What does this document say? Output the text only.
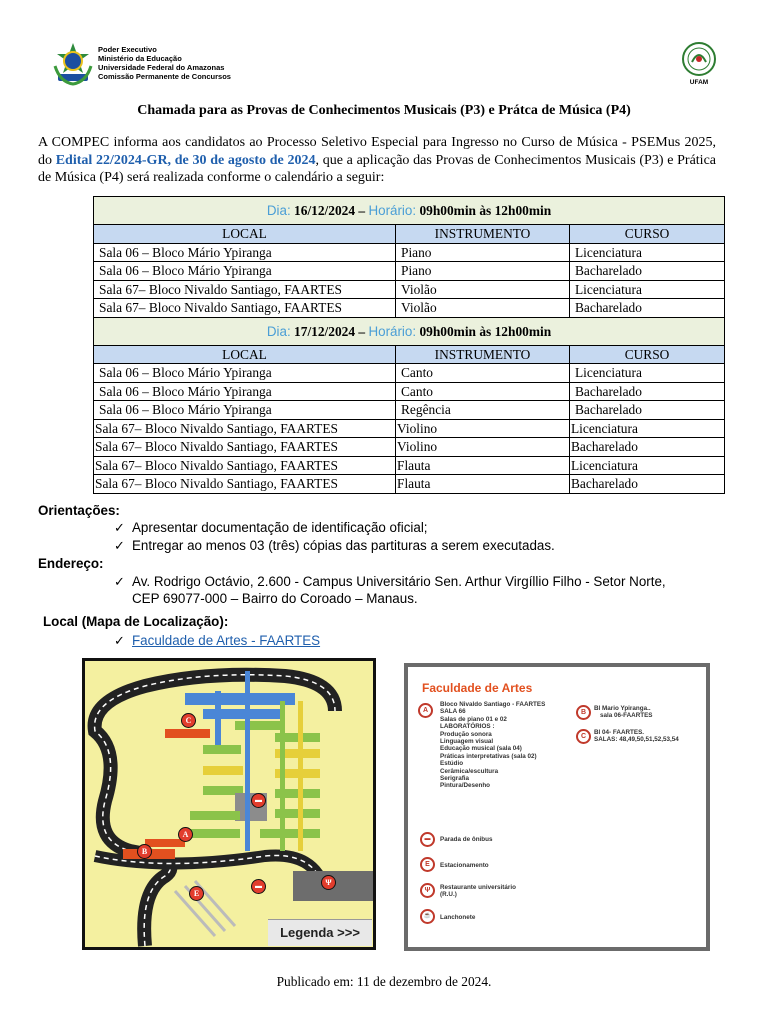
Poder Executivo
Ministério da Educação
Universidade Federal do Amazonas
Comissão Permanente de Concursos
UFAM
Chamada para as Provas de Conhecimentos Musicais (P3) e Prátca de Música (P4)
A COMPEC informa aos candidatos ao Processo Seletivo Especial para Ingresso no Curso de Música - PSEMus 2025, do Edital 22/2024-GR, de 30 de agosto de 2024, que a aplicação das Provas de Conhecimentos Musicais (P3) e Prática de Música (P4) será realizada conforme o calendário a seguir:
Dia: 16/12/2024 – Horário: 09h00min às 12h00min		
LOCAL	INSTRUMENTO	CURSO
Sala 06 – Bloco Mário Ypiranga	Piano	Licenciatura
Sala 06 – Bloco Mário Ypiranga	Piano	Bacharelado
Sala 67– Bloco Nivaldo Santiago, FAARTES	Violão	Licenciatura
Sala 67– Bloco Nivaldo Santiago, FAARTES	Violão	Bacharelado
Dia: 17/12/2024 – Horário: 09h00min às 12h00min		
LOCAL	INSTRUMENTO	CURSO
Sala 06 – Bloco Mário Ypiranga	Canto	Licenciatura
Sala 06 – Bloco Mário Ypiranga	Canto	Bacharelado
Sala 06 – Bloco Mário Ypiranga	Regência	Bacharelado
Sala 67– Bloco Nivaldo Santiago, FAARTES	Violino	Licenciatura
Sala 67– Bloco Nivaldo Santiago, FAARTES	Violino	Bacharelado
Sala 67– Bloco Nivaldo Santiago, FAARTES	Flauta	Licenciatura
Sala 67– Bloco Nivaldo Santiago, FAARTES	Flauta	Bacharelado
Orientações:
✓ Apresentar documentação de identificação oficial;
✓ Entregar ao menos 03 (três) cópias das partituras a serem executadas.
Endereço:
✓ Av. Rodrigo Octávio, 2.600 - Campus Universitário Sen. Arthur Virgíllio Filho - Setor Norte,
CEP 69077-000 – Bairro do Coroado – Manaus.
Local (Mapa de Localização):
✓ Faculdade de Artes - FAARTES
C
A
B
E
▬
▬	Ψ
Legenda >>>
Faculdade de Artes
A
Bloco Nivaldo Santiago - FAARTES
SALA 66
Salas de piano 01 e 02
LABORATÓRIOS :
Produção sonora
Linguagem visual
Educação musical (sala 04)
Práticas interpretativas (sala 02)
Estúdio
Cerâmica/escultura
Serigrafia
Pintura/Desenho
B
Bl Mario Ypiranga..
sala 06-FAARTES
C
Bl 04- FAARTES.
SALAS: 48,49,50,51,52,53,54
▬	Parada de ônibus
E	Estacionamento
Ψ	Restaurante universitário
(R.U.)
☕	Lanchonete
Publicado em: 11 de dezembro de 2024.
